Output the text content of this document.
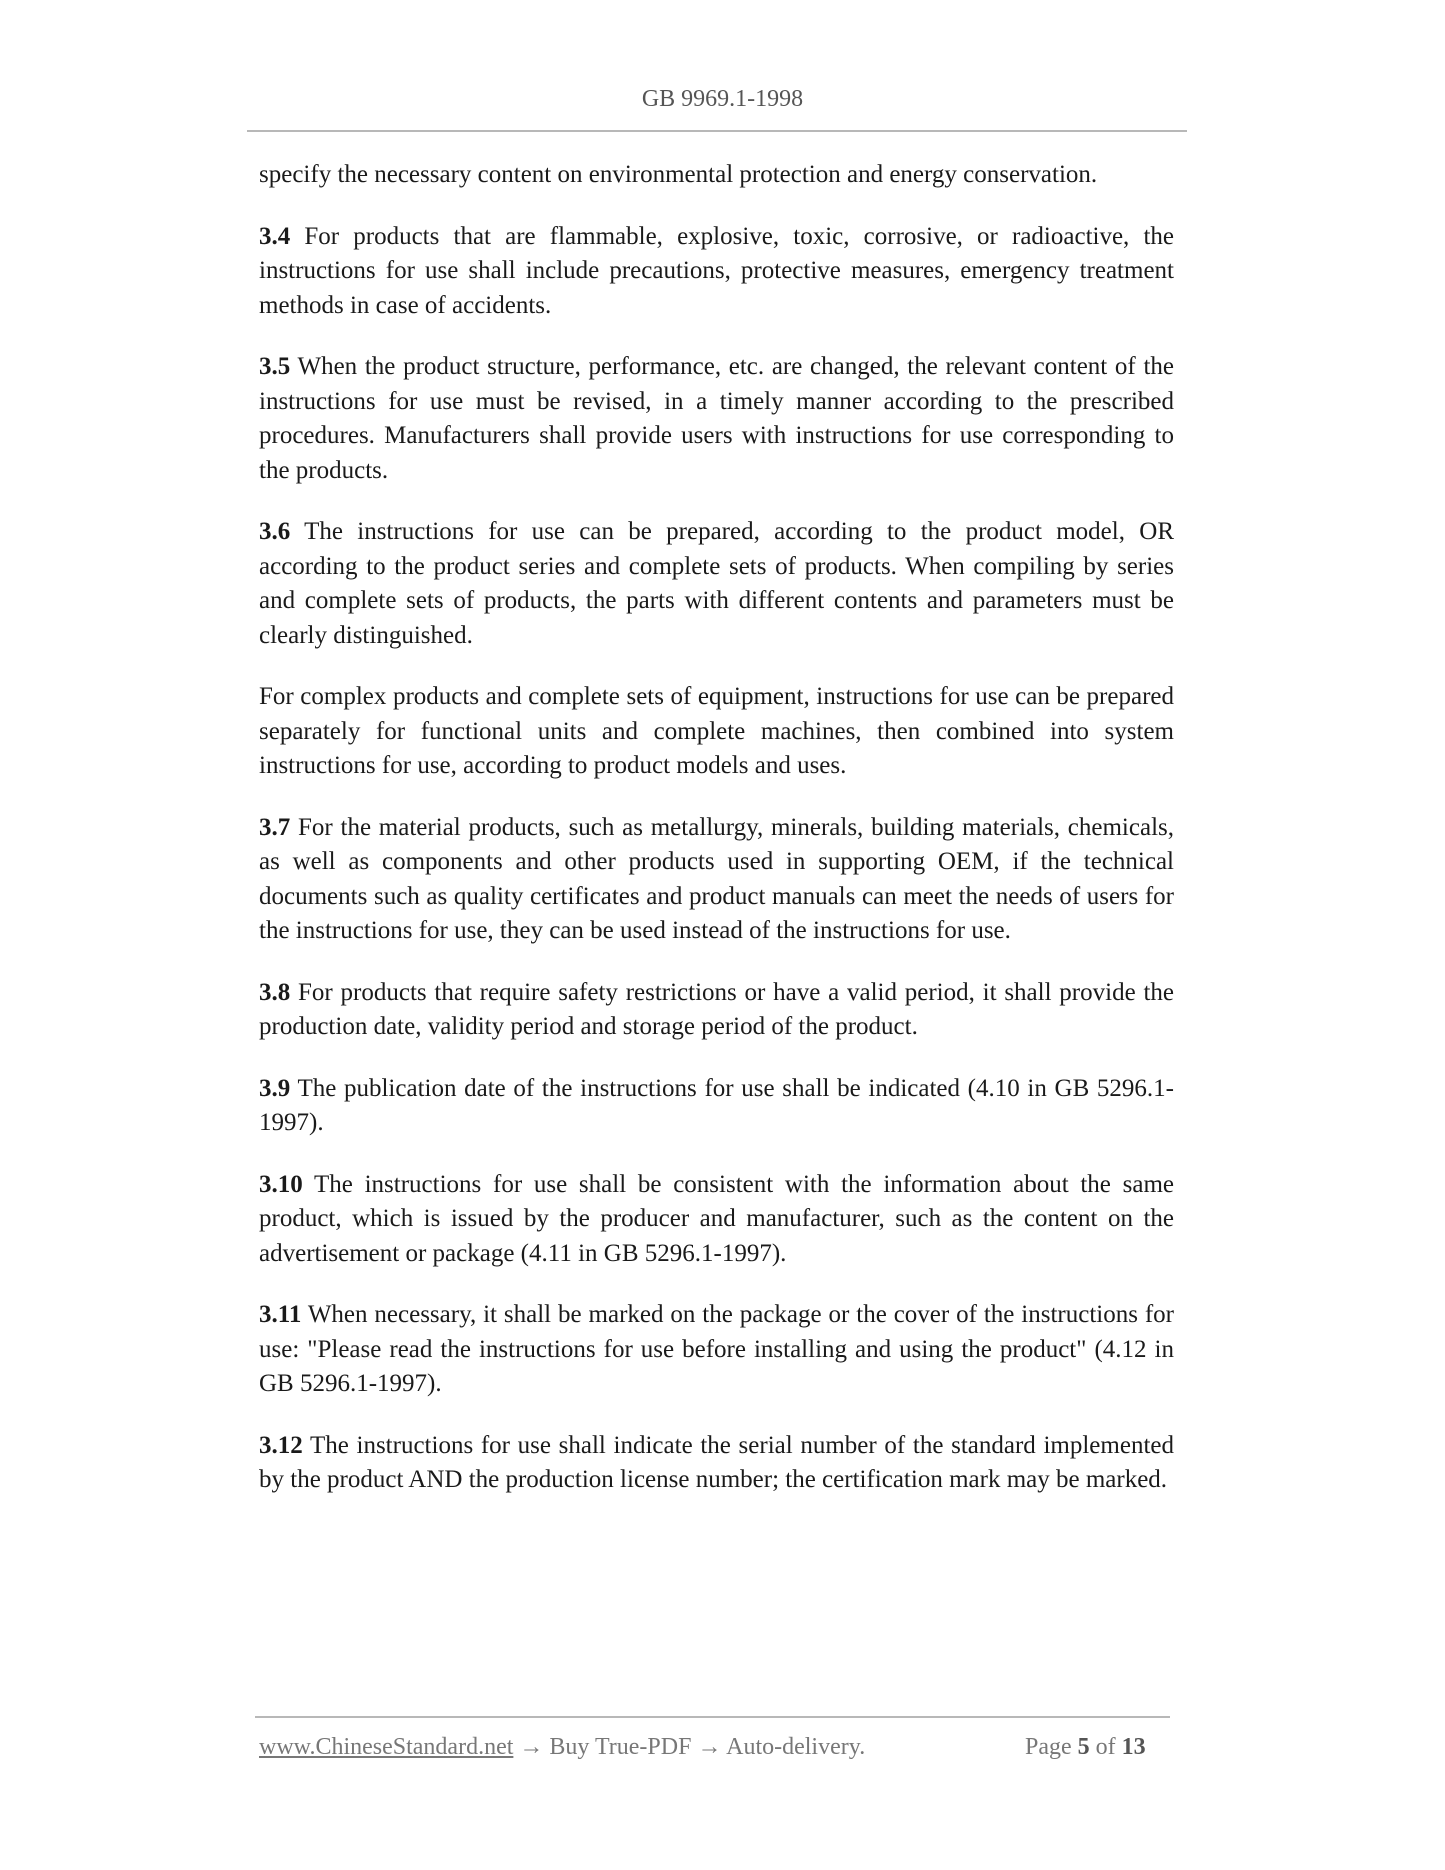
GB 9969.1-1998

specify the necessary content on environmental protection and energy conservation.

3.4 For products that are flammable, explosive, toxic, corrosive, or radioactive, the instructions for use shall include precautions, protective measures, emergency treatment methods in case of accidents.

3.5 When the product structure, performance, etc. are changed, the relevant content of the instructions for use must be revised, in a timely manner according to the prescribed procedures. Manufacturers shall provide users with instructions for use corresponding to the products.

3.6 The instructions for use can be prepared, according to the product model, OR according to the product series and complete sets of products. When compiling by series and complete sets of products, the parts with different contents and parameters must be clearly distinguished.

For complex products and complete sets of equipment, instructions for use can be prepared separately for functional units and complete machines, then combined into system instructions for use, according to product models and uses.

3.7 For the material products, such as metallurgy, minerals, building materials, chemicals, as well as components and other products used in supporting OEM, if the technical documents such as quality certificates and product manuals can meet the needs of users for the instructions for use, they can be used instead of the instructions for use.

3.8 For products that require safety restrictions or have a valid period, it shall provide the production date, validity period and storage period of the product.

3.9 The publication date of the instructions for use shall be indicated (4.10 in GB 5296.1-1997).

3.10 The instructions for use shall be consistent with the information about the same product, which is issued by the producer and manufacturer, such as the content on the advertisement or package (4.11 in GB 5296.1-1997).

3.11 When necessary, it shall be marked on the package or the cover of the instructions for use: "Please read the instructions for use before installing and using the product" (4.12 in GB 5296.1-1997).

3.12 The instructions for use shall indicate the serial number of the standard implemented by the product AND the production license number; the certification mark may be marked.

www.ChineseStandard.net → Buy True-PDF → Auto-delivery.	Page 5 of 13
